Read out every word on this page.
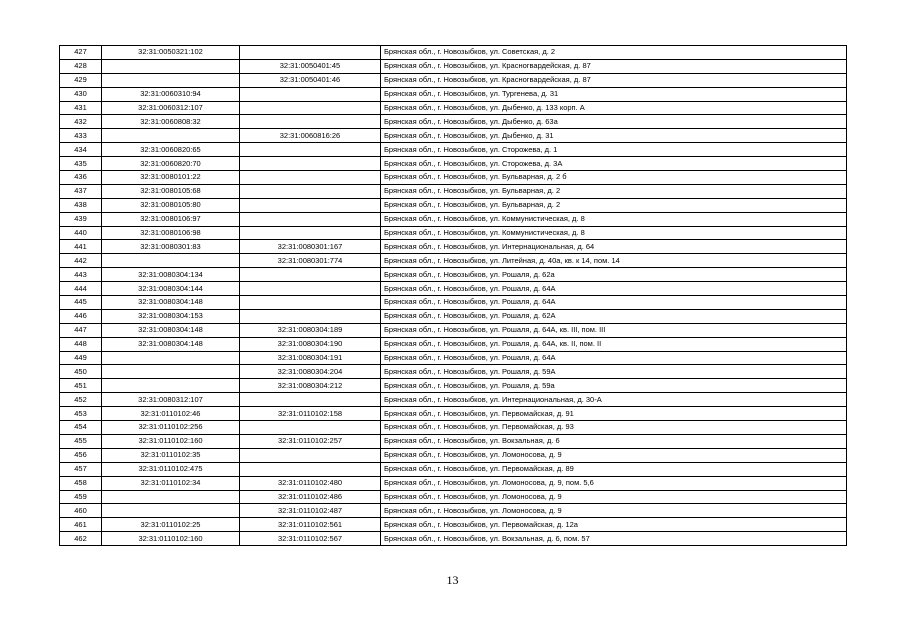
427	32:31:0050321:102		Брянская обл., г. Новозыбков, ул. Советская, д. 2
428		32:31:0050401:45	Брянская обл., г. Новозыбков, ул. Красногвардейская, д. 87
429		32:31:0050401:46	Брянская обл., г. Новозыбков, ул. Красногвардейская, д. 87
430	32:31:0060310:94		Брянская обл., г. Новозыбков, ул. Тургенева, д. 31
431	32:31:0060312:107		Брянская обл., г. Новозыбков, ул. Дыбенко, д. 133 корп. А
432	32:31:0060808:32		Брянская обл., г. Новозыбков, ул. Дыбенко, д. 63а
433		32:31:0060816:26	Брянская обл., г. Новозыбков, ул. Дыбенко, д. 31
434	32:31:0060820:65		Брянская обл., г. Новозыбков, ул. Сторожева, д. 1
435	32:31:0060820:70		Брянская обл., г. Новозыбков, ул. Сторожева, д. 3А
436	32:31:0080101:22		Брянская обл., г. Новозыбков, ул. Бульварная, д. 2 б
437	32:31:0080105:68		Брянская обл., г. Новозыбков, ул. Бульварная, д. 2
438	32:31:0080105:80		Брянская обл., г. Новозыбков, ул. Бульварная, д. 2
439	32:31:0080106:97		Брянская обл., г. Новозыбков, ул. Коммунистическая, д. 8
440	32:31:0080106:98		Брянская обл., г. Новозыбков, ул. Коммунистическая, д. 8
441	32:31:0080301:83	32:31:0080301:167	Брянская обл., г. Новозыбков, ул. Интернациональная, д. 64
442		32:31:0080301:774	Брянская обл., г. Новозыбков, ул. Литейная, д. 40а, кв. к 14, пом. 14
443	32:31:0080304:134		Брянская обл., г. Новозыбков, ул. Рошаля, д. 62а
444	32:31:0080304:144		Брянская обл., г. Новозыбков, ул. Рошаля, д. 64А
445	32:31:0080304:148		Брянская обл., г. Новозыбков, ул. Рошаля, д. 64А
446	32:31:0080304:153		Брянская обл., г. Новозыбков, ул. Рошаля, д. 62А
447	32:31:0080304:148	32:31:0080304:189	Брянская обл., г. Новозыбков, ул. Рошаля, д. 64А, кв. III, пом. III
448	32:31:0080304:148	32:31:0080304:190	Брянская обл., г. Новозыбков, ул. Рошаля, д. 64А, кв. II, пом. II
449		32:31:0080304:191	Брянская обл., г. Новозыбков, ул. Рошаля, д. 64А
450		32:31:0080304:204	Брянская обл., г. Новозыбков, ул. Рошаля, д. 59А
451		32:31:0080304:212	Брянская обл., г. Новозыбков, ул. Рошаля, д. 59а
452	32:31:0080312:107		Брянская обл., г. Новозыбков, ул. Интернациональная, д. 30-А
453	32:31:0110102:46	32:31:0110102:158	Брянская обл., г. Новозыбков, ул. Первомайская, д. 91
454	32:31:0110102:256		Брянская обл., г. Новозыбков, ул. Первомайская, д. 93
455	32:31:0110102:160	32:31:0110102:257	Брянская обл., г. Новозыбков, ул. Вокзальная, д. 6
456	32:31:0110102:35		Брянская обл., г. Новозыбков, ул. Ломоносова, д. 9
457	32:31:0110102:475		Брянская обл., г. Новозыбков, ул. Первомайская, д. 89
458	32:31:0110102:34	32:31:0110102:480	Брянская обл., г. Новозыбков, ул. Ломоносова, д. 9, пом. 5,6
459		32:31:0110102:486	Брянская обл., г. Новозыбков, ул. Ломоносова, д. 9
460		32:31:0110102:487	Брянская обл., г. Новозыбков, ул. Ломоносова, д. 9
461	32:31:0110102:25	32:31:0110102:561	Брянская обл., г. Новозыбков, ул. Первомайская, д. 12а
462	32:31:0110102:160	32:31:0110102:567	Брянская обл., г. Новозыбков, ул. Вокзальная, д. 6, пом. 57
13
